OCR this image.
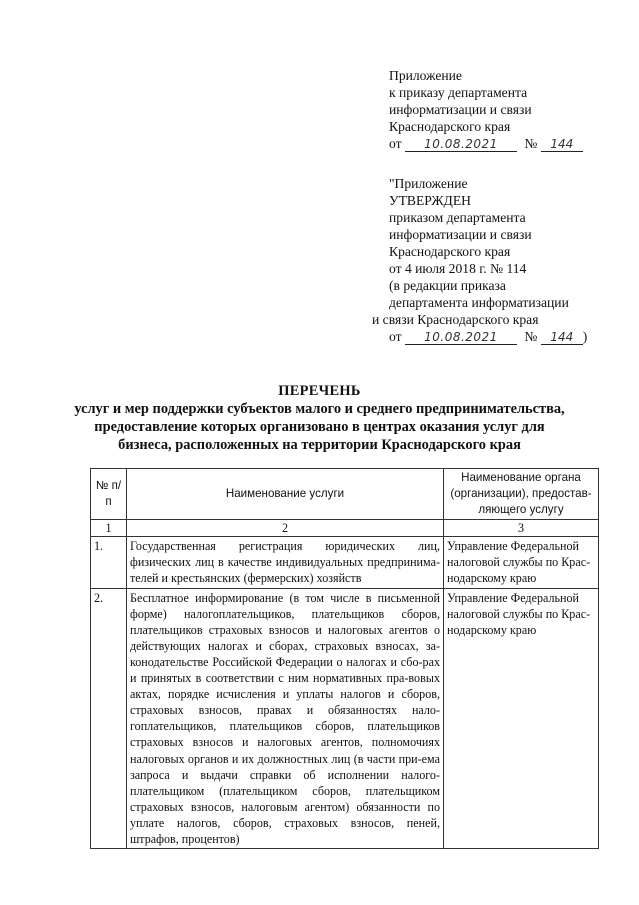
Приложение
к приказу департамента
информатизации и связи
Краснодарского края
от 10.08.2021 № 144
"Приложение
УТВЕРЖДЕН
приказом департамента
информатизации и связи
Краснодарского края
от 4 июля 2018 г. № 114
(в редакции приказа
департамента информатизации
и связи Краснодарского края
от 10.08.2021 № 144 )
ПЕРЕЧЕНЬ
услуг и мер поддержки субъектов малого и среднего предпринимательства,
предоставление которых организовано в центрах оказания услуг для
бизнеса, расположенных на территории Краснодарского края
№ п/п	Наименование услуги	Наименование органа (организации), предостав-ляющего услугу
1	2	3
1.	Государственная регистрация юридических лиц, физических лиц в качестве индивидуальных предпринима-телей и крестьянских (фермерских) хозяйств	Управление Федеральной налоговой службы по Крас-нодарскому краю
2.	Бесплатное информирование (в том числе в письменной форме) налогоплательщиков, плательщиков сборов, плательщиков страховых взносов и налоговых агентов о действующих налогах и сборах, страховых взносах, за-конодательстве Российской Федерации о налогах и сбо-рах и принятых в соответствии с ним нормативных пра-вовых актах, порядке исчисления и уплаты налогов и сборов, страховых взносов, правах и обязанностях нало-гоплательщиков, плательщиков сборов, плательщиков страховых взносов и налоговых агентов, полномочиях налоговых органов и их должностных лиц (в части при-ема запроса и выдачи справки об исполнении налого-плательщиком (плательщиком сборов, плательщиком страховых взносов, налоговым агентом) обязанности по уплате налогов, сборов, страховых взносов, пеней, штрафов, процентов)	Управление Федеральной налоговой службы по Крас-нодарскому краю
